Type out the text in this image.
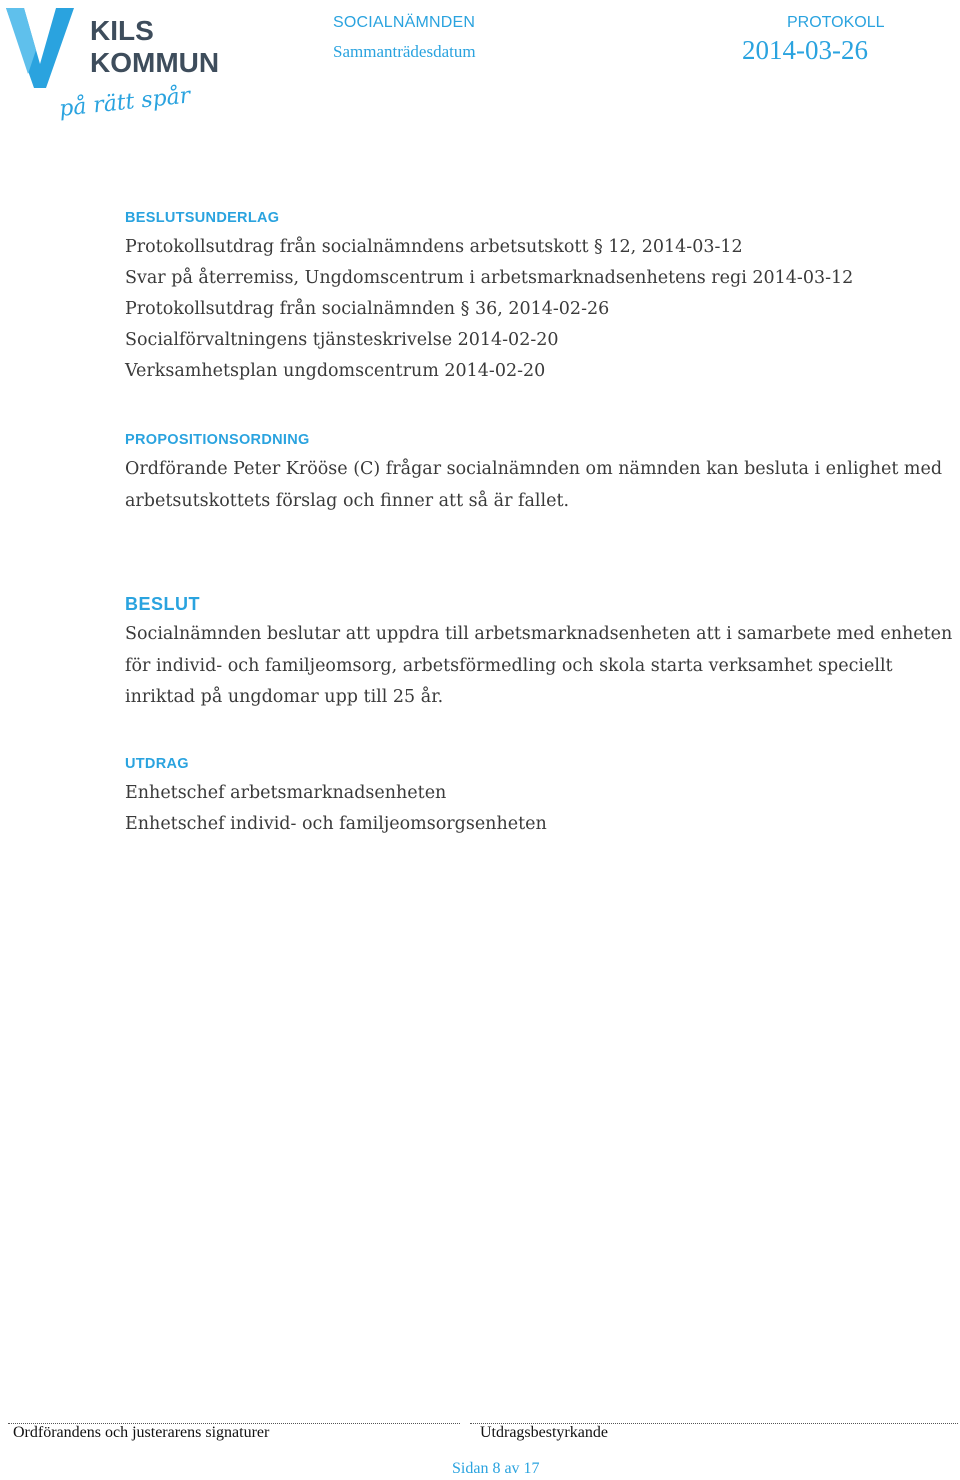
KILS
KOMMUN
på rätt spår
SOCIALNÄMNDEN
Sammanträdesdatum
PROTOKOLL
2014-03-26
BESLUTSUNDERLAG

Protokollsutdrag från socialnämndens arbetsutskott § 12, 2014-03-12

Svar på återremiss, Ungdomscentrum i arbetsmarknadsenhetens regi 2014-03-12

Protokollsutdrag från socialnämnden § 36, 2014-02-26

Socialförvaltningens tjänsteskrivelse 2014-02-20

Verksamhetsplan ungdomscentrum 2014-02-20

PROPOSITIONSORDNING

Ordförande Peter Krööse (C) frågar socialnämnden om nämnden kan besluta i enlighet med arbetsutskottets förslag och finner att så är fallet.

BESLUT

Socialnämnden beslutar att uppdra till arbetsmarknadsenheten att i samarbete med enheten för individ- och familjeomsorg, arbetsförmedling och skola starta verksamhet speciellt inriktad på ungdomar upp till 25 år.

UTDRAG

Enhetschef arbetsmarknadsenheten

Enhetschef individ- och familjeomsorgsenheten

Ordförandens och justerarens signaturer	Utdragsbestyrkande
Sidan 8 av 17
